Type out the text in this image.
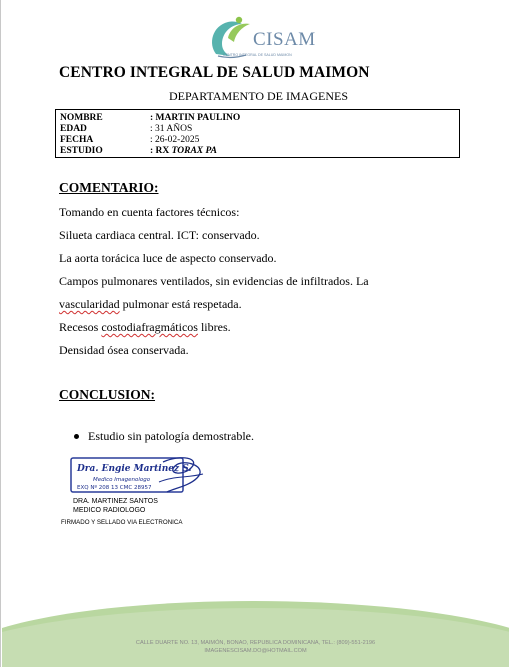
CISAM
CENTRO INTEGRAL DE SALUD MAIMON
CENTRO INTEGRAL DE SALUD MAIMON
DEPARTAMENTO DE IMAGENES
NOMBRE	: MARTIN PAULINO
EDAD	: 31 AÑOS
FECHA	: 26-02-2025
ESTUDIO	: RX TORAX PA
COMENTARIO:
Tomando en cuenta factores técnicos:
Silueta cardiaca central. ICT: conservado.
La aorta torácica luce de aspecto conservado.
Campos pulmonares ventilados, sin evidencias de infiltrados. La
vascularidad pulmonar está respetada.
Recesos costodiafragmáticos libres.
Densidad ósea conservada.
CONCLUSION:
Estudio sin patología demostrable.
Dra. Engie Martinez S.
Medico Imagenologo
EXQ Nº 208 13 CMC 28957
DRA. MARTINEZ SANTOS
MEDICO RADIOLOGO
FIRMADO Y SELLADO VIA ELECTRONICA
CALLE DUARTE NO. 13, MAIMÓN, BONAO, REPUBLICA DOMINICANA, TEL.: (809)-551-2196
IMAGENESCISAM.DO@HOTMAIL.COM
